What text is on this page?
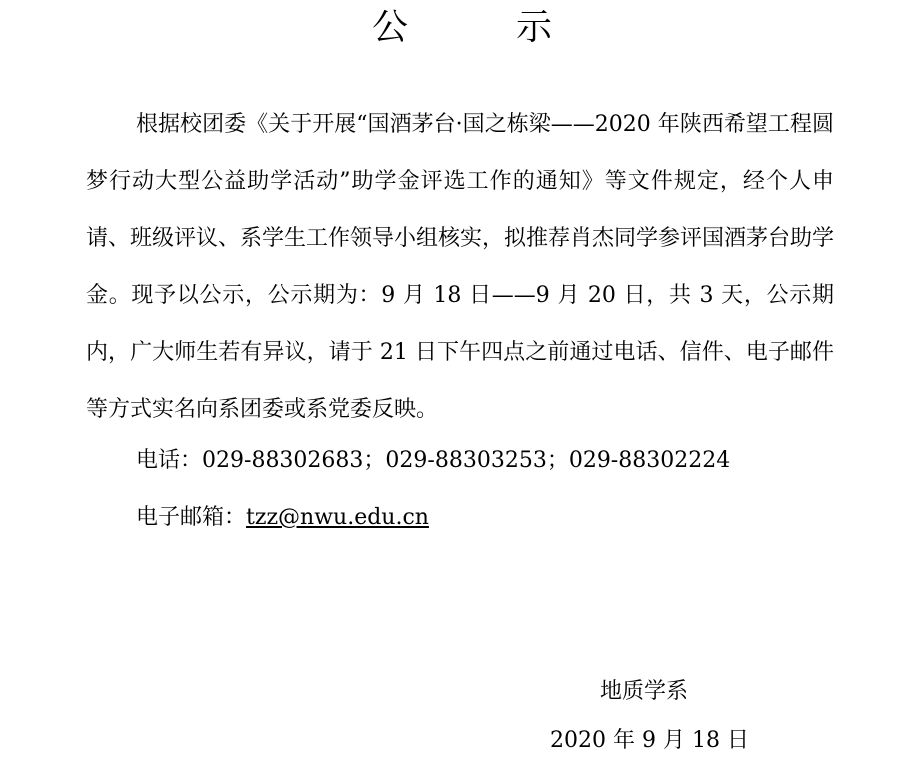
公　示
根据校团委《关于开展“国酒茅台·国之栋梁——2020 年陕西希望工程圆梦行动大型公益助学活动”助学金评选工作的通知》等文件规定，经个人申请、班级评议、系学生工作领导小组核实，拟推荐肖杰同学参评国酒茅台助学金。现予以公示，公示期为：9 月 18 日——9 月 20 日，共 3 天，公示期内，广大师生若有异议，请于 21 日下午四点之前通过电话、信件、电子邮件等方式实名向系团委或系党委反映。
电话：029-88302683；029-88303253；029-88302224
电子邮箱：tzz@nwu.edu.cn
地质学系
2020 年 9 月 18 日
